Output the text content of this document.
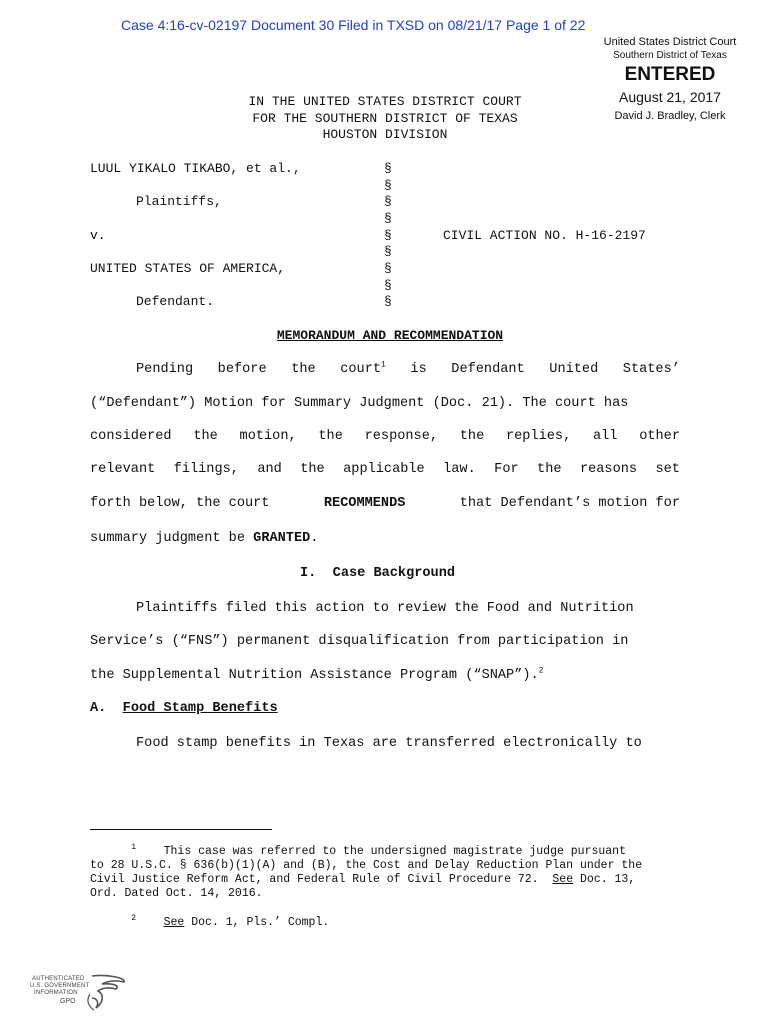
Case 4:16-cv-02197 Document 30 Filed in TXSD on 08/21/17 Page 1 of 22
United States District Court
Southern District of Texas
ENTERED
August 21, 2017
David J. Bradley, Clerk
IN THE UNITED STATES DISTRICT COURT
FOR THE SOUTHERN DISTRICT OF TEXAS
HOUSTON DIVISION
LUUL YIKALO TIKABO, et al.,
Plaintiffs,
v.	CIVIL ACTION NO. H-16-2197
UNITED STATES OF AMERICA,
Defendant.
§
§
§
§
§
§
§
§
§
MEMORANDUM AND RECOMMENDATION
Pending before the court$^1$ is Defendant United States’
(“Defendant”) Motion for Summary Judgment (Doc. 21). The court has
considered the motion, the response, the replies, all other
relevant filings, and the applicable law. For the reasons set
forth below, the court	RECOMMENDS	that Defendant’s motion for
summary judgment be GRANTED.
I. Case Background
Plaintiffs filed this action to review the Food and Nutrition
Service’s (“FNS”) permanent disqualification from participation in
the Supplemental Nutrition Assistance Program (“SNAP”).$^2$
A. Food Stamp Benefits
Food stamp benefits in Texas are transferred electronically to
1 This case was referred to the undersigned magistrate judge pursuant
to 28 U.S.C. § 636(b)(1)(A) and (B), the Cost and Delay Reduction Plan under the
Civil Justice Reform Act, and Federal Rule of Civil Procedure 72. See Doc. 13,
Ord. Dated Oct. 14, 2016.
2 See Doc. 1, Pls.’ Compl.
AUTHENTICATED
U.S. GOVERNMENT
INFORMATION
GPO
